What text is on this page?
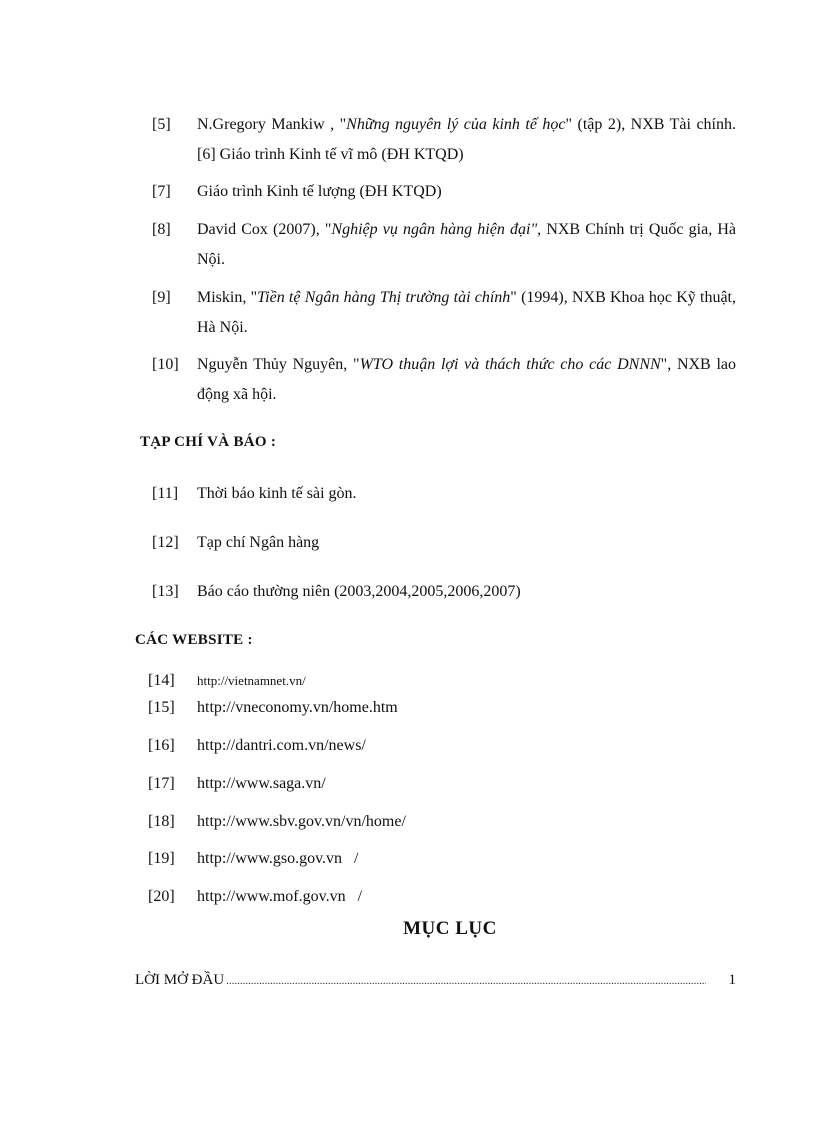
[5] N.Gregory Mankiw , "Những nguyên lý của kinh tế học" (tập 2), NXB Tài chính. [6] Giáo trình Kinh tế vĩ mô (ĐH KTQD)
[7] Giáo trình Kinh tế lượng (ĐH KTQD)
[8] David Cox (2007), "Nghiệp vụ ngân hàng hiện đại", NXB Chính trị Quốc gia, Hà Nội.
[9] Miskin, "Tiền tệ Ngân hàng Thị trường tài chính" (1994), NXB Khoa học Kỹ thuật, Hà Nội.
[10] Nguyễn Thủy Nguyên, "WTO thuận lợi và thách thức cho các DNNN", NXB lao động xã hội.
TẠP CHÍ VÀ BÁO :
[11] Thời báo kinh tế sài gòn.
[12] Tạp chí Ngân hàng
[13] Báo cáo thường niên (2003,2004,2005,2006,2007)
CÁC WEBSITE :
[14] http://vietnamnet.vn/
[15] http://vneconomy.vn/home.htm
[16] http://dantri.com.vn/news/
[17] http://www.saga.vn/
[18] http://www.sbv.gov.vn/vn/home/
[19] http://www.gso.gov.vn   /
[20] http://www.mof.gov.vn   /
MỤC LỤC
LỜI MỞ ĐẦU
.....	1
